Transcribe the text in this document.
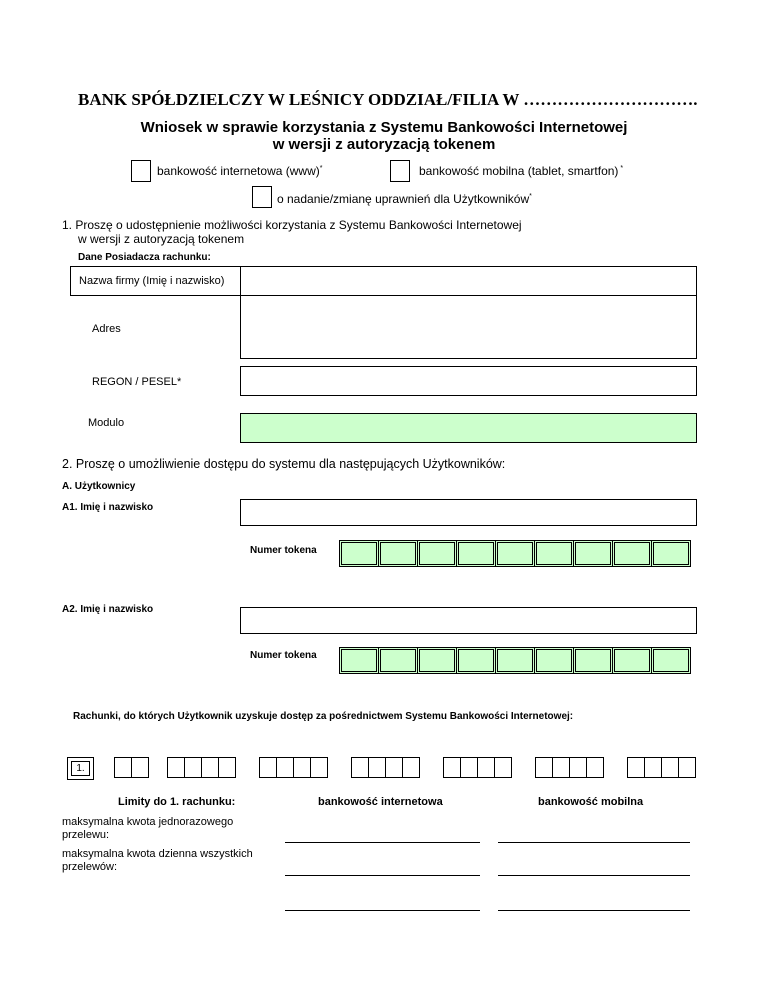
BANK SPÓŁDZIELCZY W LEŚNICY ODDZIAŁ/FILIA W ………………………….
Wniosek w sprawie korzystania z Systemu Bankowości Internetowej
w wersji z autoryzacją tokenem
bankowość internetowa (www)*	bankowość mobilna (tablet, smartfon) *
o nadanie/zmianę uprawnień dla Użytkowników*
1. Proszę o udostępnienie możliwości korzystania z Systemu Bankowości Internetowej
w wersji z autoryzacją tokenem
Dane Posiadacza rachunku:
Nazwa firmy (Imię i nazwisko)
Adres
REGON / PESEL*
Modulo
2. Proszę o umożliwienie dostępu do systemu dla następujących Użytkowników:
A. Użytkownicy
A1. Imię i nazwisko
Numer tokena
A2. Imię i nazwisko
Numer tokena
Rachunki, do których Użytkownik uzyskuje dostęp za pośrednictwem Systemu Bankowości Internetowej:
1.
Limity do 1. rachunku:	bankowość internetowa	bankowość mobilna
maksymalna kwota jednorazowego przelewu:
maksymalna kwota dzienna wszystkich przelewów:
